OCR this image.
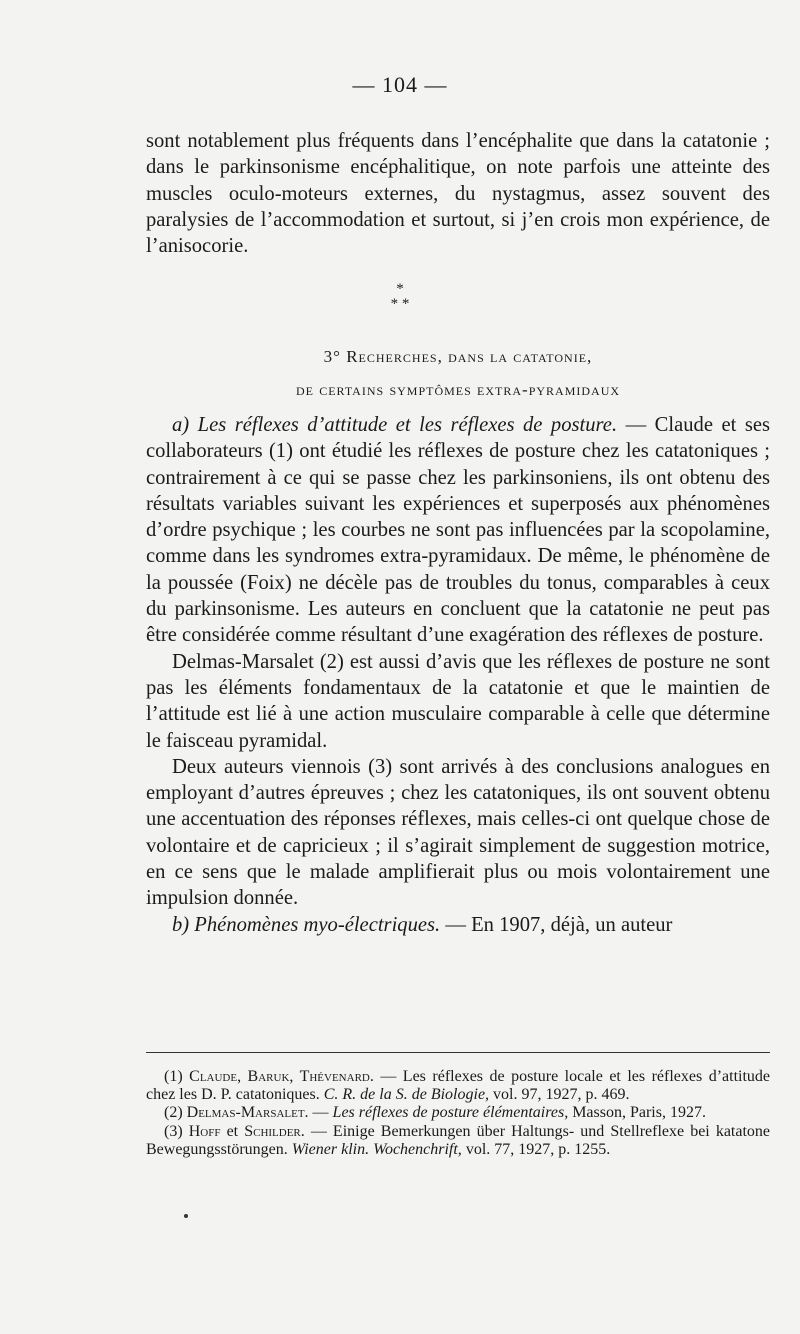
— 104 —

sont notablement plus fréquents dans l’encéphalite que dans la catatonie ; dans le parkinsonisme encéphalitique, on note parfois une atteinte des muscles oculo-moteurs externes, du nystagmus, assez souvent des paralysies de l’accommodation et surtout, si j’en crois mon expérience, de l’anisocorie.

*
* *
3° Recherches, dans la catatonie,
de certains symptômes extra-pyramidaux

a) Les réflexes d’attitude et les réflexes de posture. — Claude et ses collaborateurs (1) ont étudié les réflexes de posture chez les catatoniques ; contrairement à ce qui se passe chez les parkinsoniens, ils ont obtenu des résultats variables suivant les expériences et superposés aux phénomènes d’ordre psychique ; les courbes ne sont pas influencées par la scopolamine, comme dans les syndromes extra-pyramidaux. De même, le phénomène de la poussée (Foix) ne décèle pas de troubles du tonus, comparables à ceux du parkinsonisme. Les auteurs en concluent que la catatonie ne peut pas être considérée comme résultant d’une exagération des réflexes de posture.

Delmas-Marsalet (2) est aussi d’avis que les réflexes de posture ne sont pas les éléments fondamentaux de la catatonie et que le maintien de l’attitude est lié à une action musculaire comparable à celle que détermine le faisceau pyramidal.

Deux auteurs viennois (3) sont arrivés à des conclusions analogues en employant d’autres épreuves ; chez les catatoniques, ils ont souvent obtenu une accentuation des réponses réflexes, mais celles-ci ont quelque chose de volontaire et de capricieux ; il s’agirait simplement de suggestion motrice, en ce sens que le malade amplifierait plus ou mois volontairement une impulsion donnée.

b) Phénomènes myo-électriques. — En 1907, déjà, un auteur

(1) Claude, Baruk, Thévenard. — Les réflexes de posture locale et les réflexes d’attitude chez les D. P. catatoniques. C. R. de la S. de Biologie, vol. 97, 1927, p. 469.

(2) Delmas-Marsalet. — Les réflexes de posture élémentaires, Masson, Paris, 1927.

(3) Hoff et Schilder. — Einige Bemerkungen über Haltungs- und Stellreflexe bei katatone Bewegungsstörungen. Wiener klin. Wochenchrift, vol. 77, 1927, p. 1255.
